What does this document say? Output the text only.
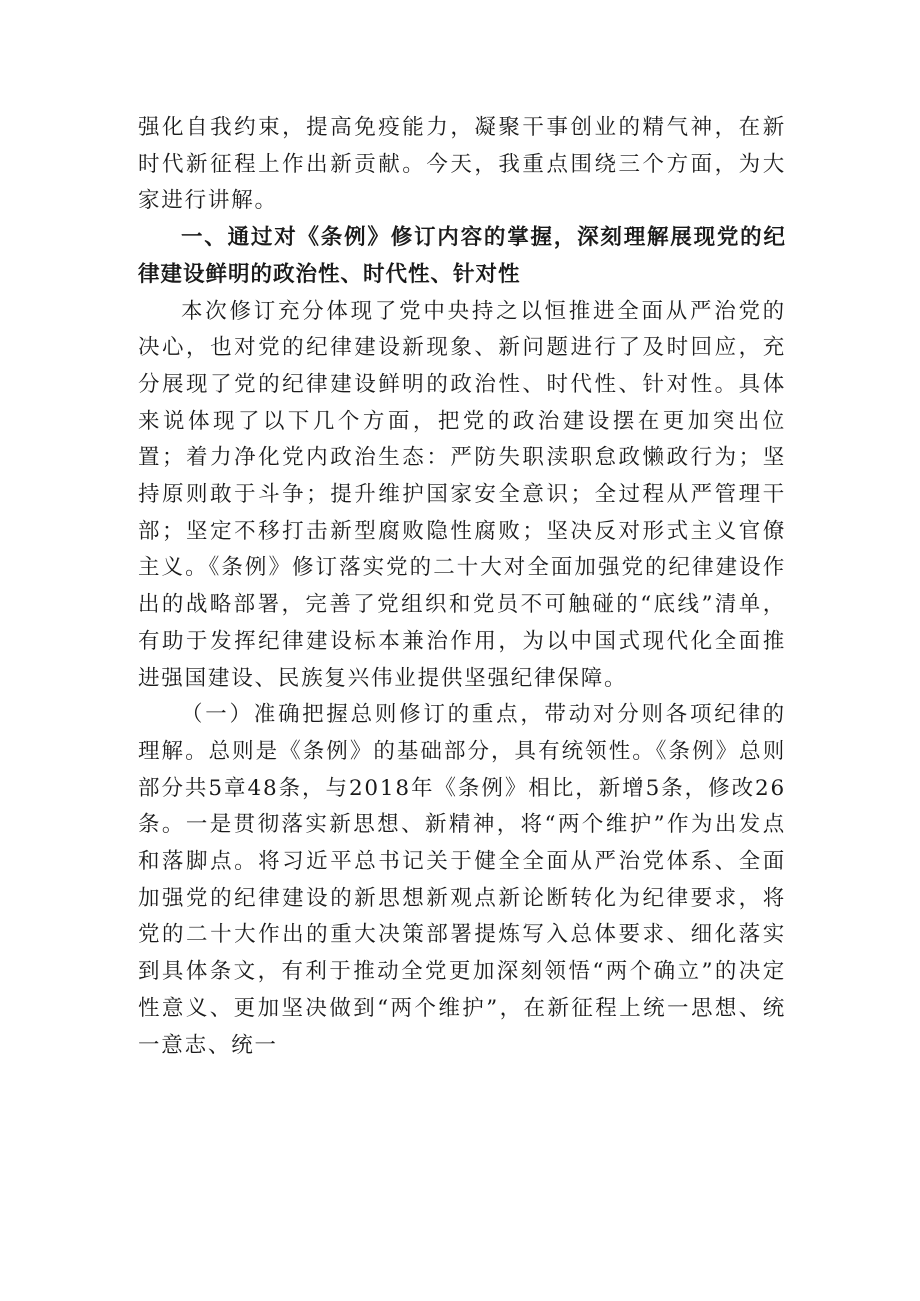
强化自我约束，提高免疫能力，凝聚干事创业的精气神，在新时代新征程上作出新贡献。今天，我重点围绕三个方面，为大家进行讲解。

一、通过对《条例》修订内容的掌握，深刻理解展现党的纪律建设鲜明的政治性、时代性、针对性

本次修订充分体现了党中央持之以恒推进全面从严治党的决心，也对党的纪律建设新现象、新问题进行了及时回应，充分展现了党的纪律建设鲜明的政治性、时代性、针对性。具体来说体现了以下几个方面，把党的政治建设摆在更加突出位置；着力净化党内政治生态：严防失职渎职怠政懒政行为；坚持原则敢于斗争；提升维护国家安全意识；全过程从严管理干部；坚定不移打击新型腐败隐性腐败；坚决反对形式主义官僚主义。《条例》修订落实党的二十大对全面加强党的纪律建设作出的战略部署，完善了党组织和党员不可触碰的“底线”清单，有助于发挥纪律建设标本兼治作用，为以中国式现代化全面推进强国建设、民族复兴伟业提供坚强纪律保障。

（一）准确把握总则修订的重点，带动对分则各项纪律的理解。总则是《条例》的基础部分，具有统领性。《条例》总则部分共5章48条，与2018年《条例》相比，新增5条，修改26条。一是贯彻落实新思想、新精神，将“两个维护”作为出发点和落脚点。将习近平总书记关于健全全面从严治党体系、全面加强党的纪律建设的新思想新观点新论断转化为纪律要求，将党的二十大作出的重大决策部署提炼写入总体要求、细化落实到具体条文，有利于推动全党更加深刻领悟“两个确立”的决定性意义、更加坚决做到“两个维护”，在新征程上统一思想、统一意志、统一
